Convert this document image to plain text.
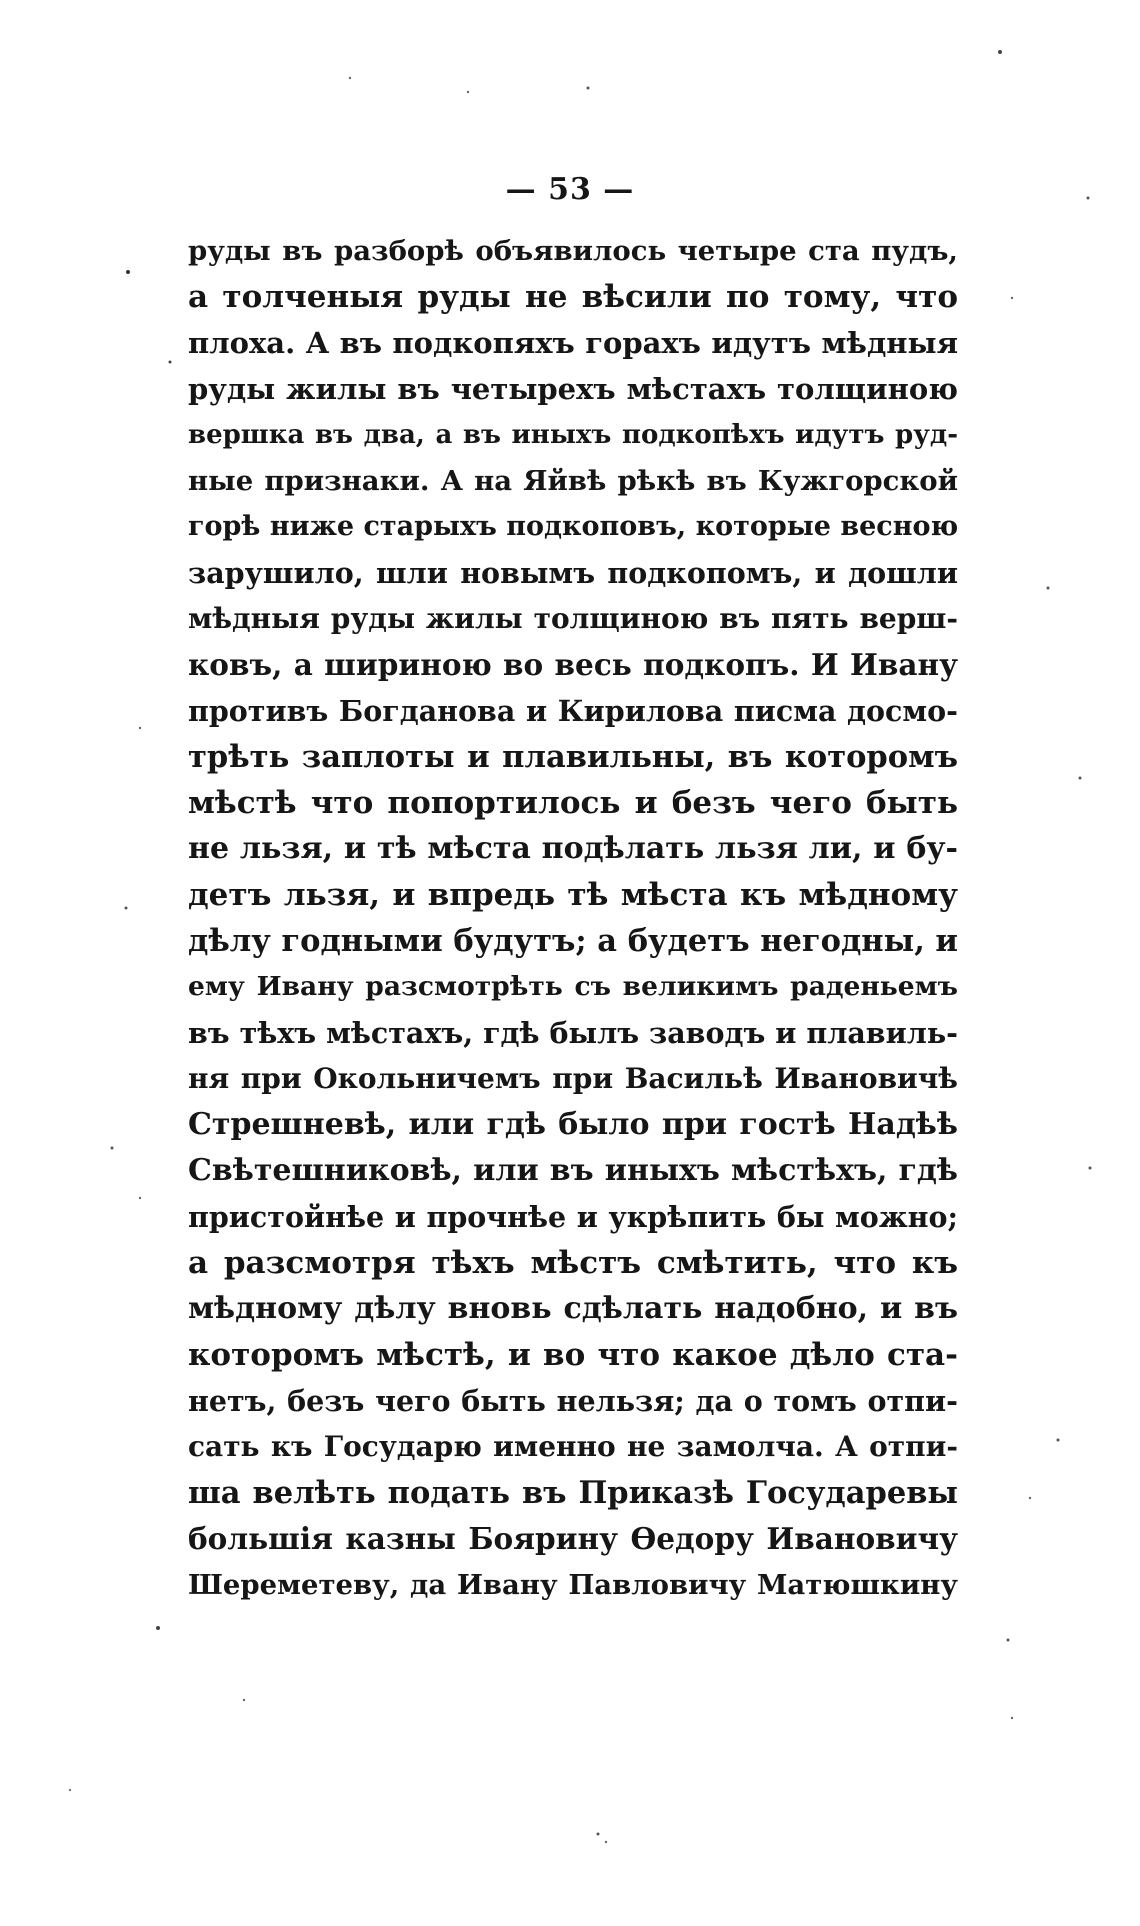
— 53 —
руды въ разборѣ объявилось четыре ста пудъ,
а толченыя руды не вѣсили по тому, что
плоха. А въ подкопяхъ горахъ идутъ мѣдныя
руды жилы въ четырехъ мѣстахъ толщиною
вершка въ два, а въ иныхъ подкопѣхъ идутъ руд-
ные признаки. А на Яйвѣ рѣкѣ въ Кужгорской
горѣ ниже старыхъ подкоповъ, которые весною
зарушило, шли новымъ подкопомъ, и дошли
мѣдныя руды жилы толщиною въ пять верш-
ковъ, а шириною во весь подкопъ. И Ивану
противъ Богданова и Кирилова писма досмо-
трѣть заплоты и плавильны, въ которомъ
мѣстѣ что попортилось и безъ чего быть
не льзя, и тѣ мѣста подѣлать льзя ли, и бу-
детъ льзя, и впредь тѣ мѣста къ мѣдному
дѣлу годными будутъ; а будетъ негодны, и
ему Ивану разсмотрѣть съ великимъ раденьемъ
въ тѣхъ мѣстахъ, гдѣ былъ заводъ и плавиль-
ня при Окольничемъ при Васильѣ Ивановичѣ
Стрешневѣ, или гдѣ было при гостѣ Надѣѣ
Свѣтешниковѣ, или въ иныхъ мѣстѣхъ, гдѣ
пристойнѣе и прочнѣе и укрѣпить бы можно;
а разсмотря тѣхъ мѣстъ смѣтить, что къ
мѣдному дѣлу вновь сдѣлать надобно, и въ
которомъ мѣстѣ, и во что какое дѣло ста-
нетъ, безъ чего быть нельзя; да о томъ отпи-
сать къ Государю именно не замолча. А отпи-
ша велѣть подать въ Приказѣ Государевы
большія казны Боярину Ѳедору Ивановичу
Шереметеву, да Ивану Павловичу Матюшкину
